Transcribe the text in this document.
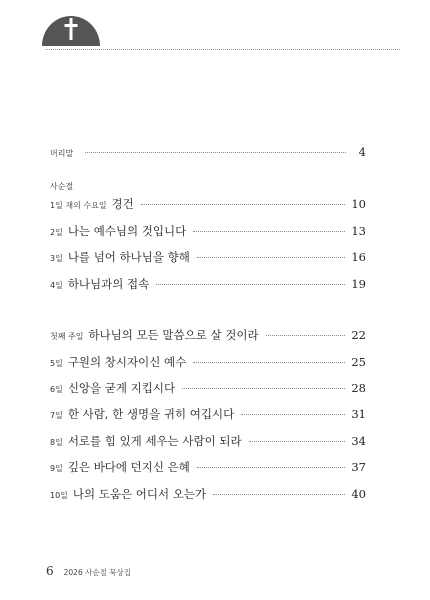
머리말	4
사순절
1일 재의 수요일 경건	10
2일 나는 예수님의 것입니다	13
3일 나를 넘어 하나님을 향해	16
4일 하나님과의 접속	19
첫째 주일 하나님의 모든 말씀으로 살 것이라	22
5일 구원의 창시자이신 예수	25
6일 신앙을 굳게 지킵시다	28
7일 한 사람, 한 생명을 귀히 여깁시다	31
8일 서로를 힘 있게 세우는 사람이 되라	34
9일 깊은 바다에 던지신 은혜	37
10일 나의 도움은 어디서 오는가	40
6 2026 사순절 묵상집
